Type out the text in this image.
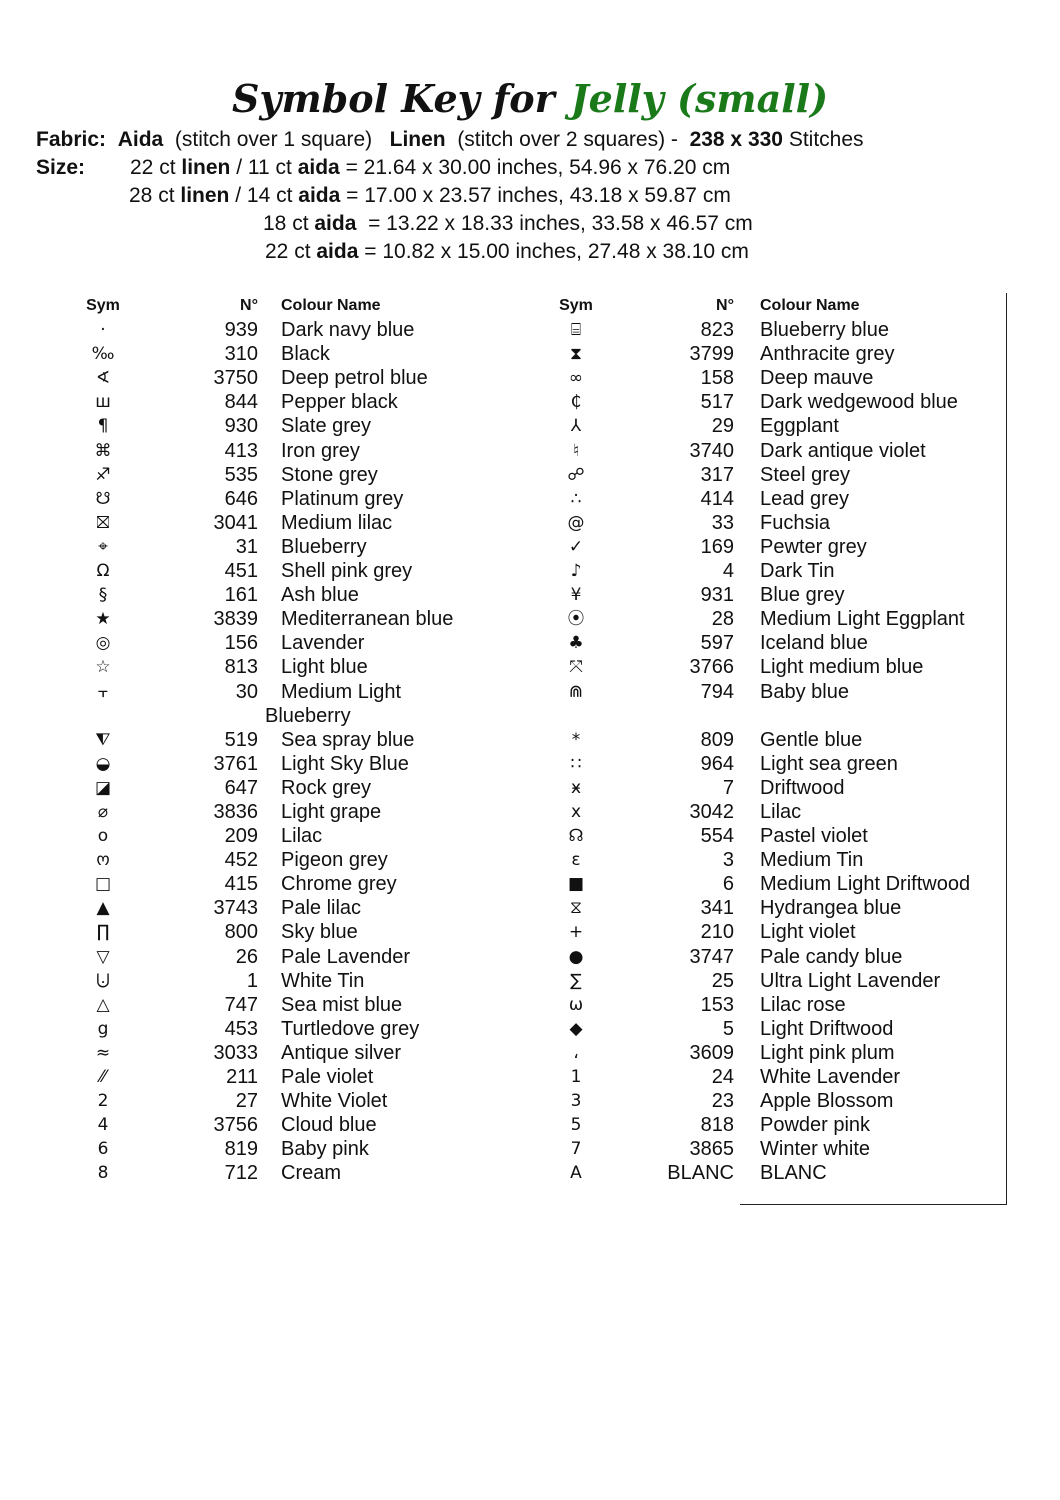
Symbol Key for Jelly (small)
Fabric: Aida (stitch over 1 square) Linen (stitch over 2 squares) - 238 x 330 Stitches
Size: 22 ct linen / 11 ct aida = 21.64 x 30.00 inches, 54.96 x 76.20 cm
28 ct linen / 14 ct aida = 17.00 x 23.57 inches, 43.18 x 59.87 cm
18 ct aida  = 13.22 x 18.33 inches, 33.58 x 46.57 cm
22 ct aida = 10.82 x 15.00 inches, 27.48 x 38.10 cm
Sym	N° Colour Name
·	939 Dark navy blue
‰	310 Black
∢	3750 Deep petrol blue
ш	844 Pepper black
¶	930 Slate grey
⌘	413 Iron grey
♐	535 Stone grey
☋	646 Platinum grey
⛝	3041 Medium lilac
⌖	31 Blueberry
Ω	451 Shell pink grey
§	161 Ash blue
★	3839 Mediterranean blue
◎	156 Lavender
☆	813 Light blue
⫟	30 Medium Light
Blueberry
⧨	519 Sea spray blue
◒	3761 Light Sky Blue
◪	647 Rock grey
⌀	3836 Light grape
o	209 Lilac
ო	452 Pigeon grey
□	415 Chrome grey
▲	3743 Pale lilac
∏	800 Sky blue
▽	26 Pale Lavender
⨃	1 White Tin
△	747 Sea mist blue
g	453 Turtledove grey
≈	3033 Antique silver
⁄⁄	211 Pale violet
2	27 White Violet
4	3756 Cloud blue
6	819 Baby pink
8	712 Cream
Sym	N° Colour Name
⌸	823 Blueberry blue
⧗	3799 Anthracite grey
∞	158 Deep mauve
₵	517 Dark wedgewood blue
⅄	29 Eggplant
♮	3740 Dark antique violet
☍	317 Steel grey
∴	414 Lead grey
@	33 Fuchsia
✓	169 Pewter grey
♪	4 Dark Tin
¥	931 Blue grey
⦿	28 Medium Light Eggplant
♣	597 Iceland blue
⤧	3766 Light medium blue
⋒	794 Baby blue
*	809 Gentle blue
∷	964 Light sea green
ӿ	7 Driftwood
x	3042 Lilac
☊	554 Pastel violet
ε	3 Medium Tin
■	6 Medium Light Driftwood
⧖	341 Hydrangea blue
+	210 Light violet
●	3747 Pale candy blue
∑	25 Ultra Light Lavender
ω	153 Lilac rose
◆	5 Light Driftwood
،	3609 Light pink plum
1	24 White Lavender
3	23 Apple Blossom
5	818 Powder pink
7	3865 Winter white
A	BLANC BLANC
